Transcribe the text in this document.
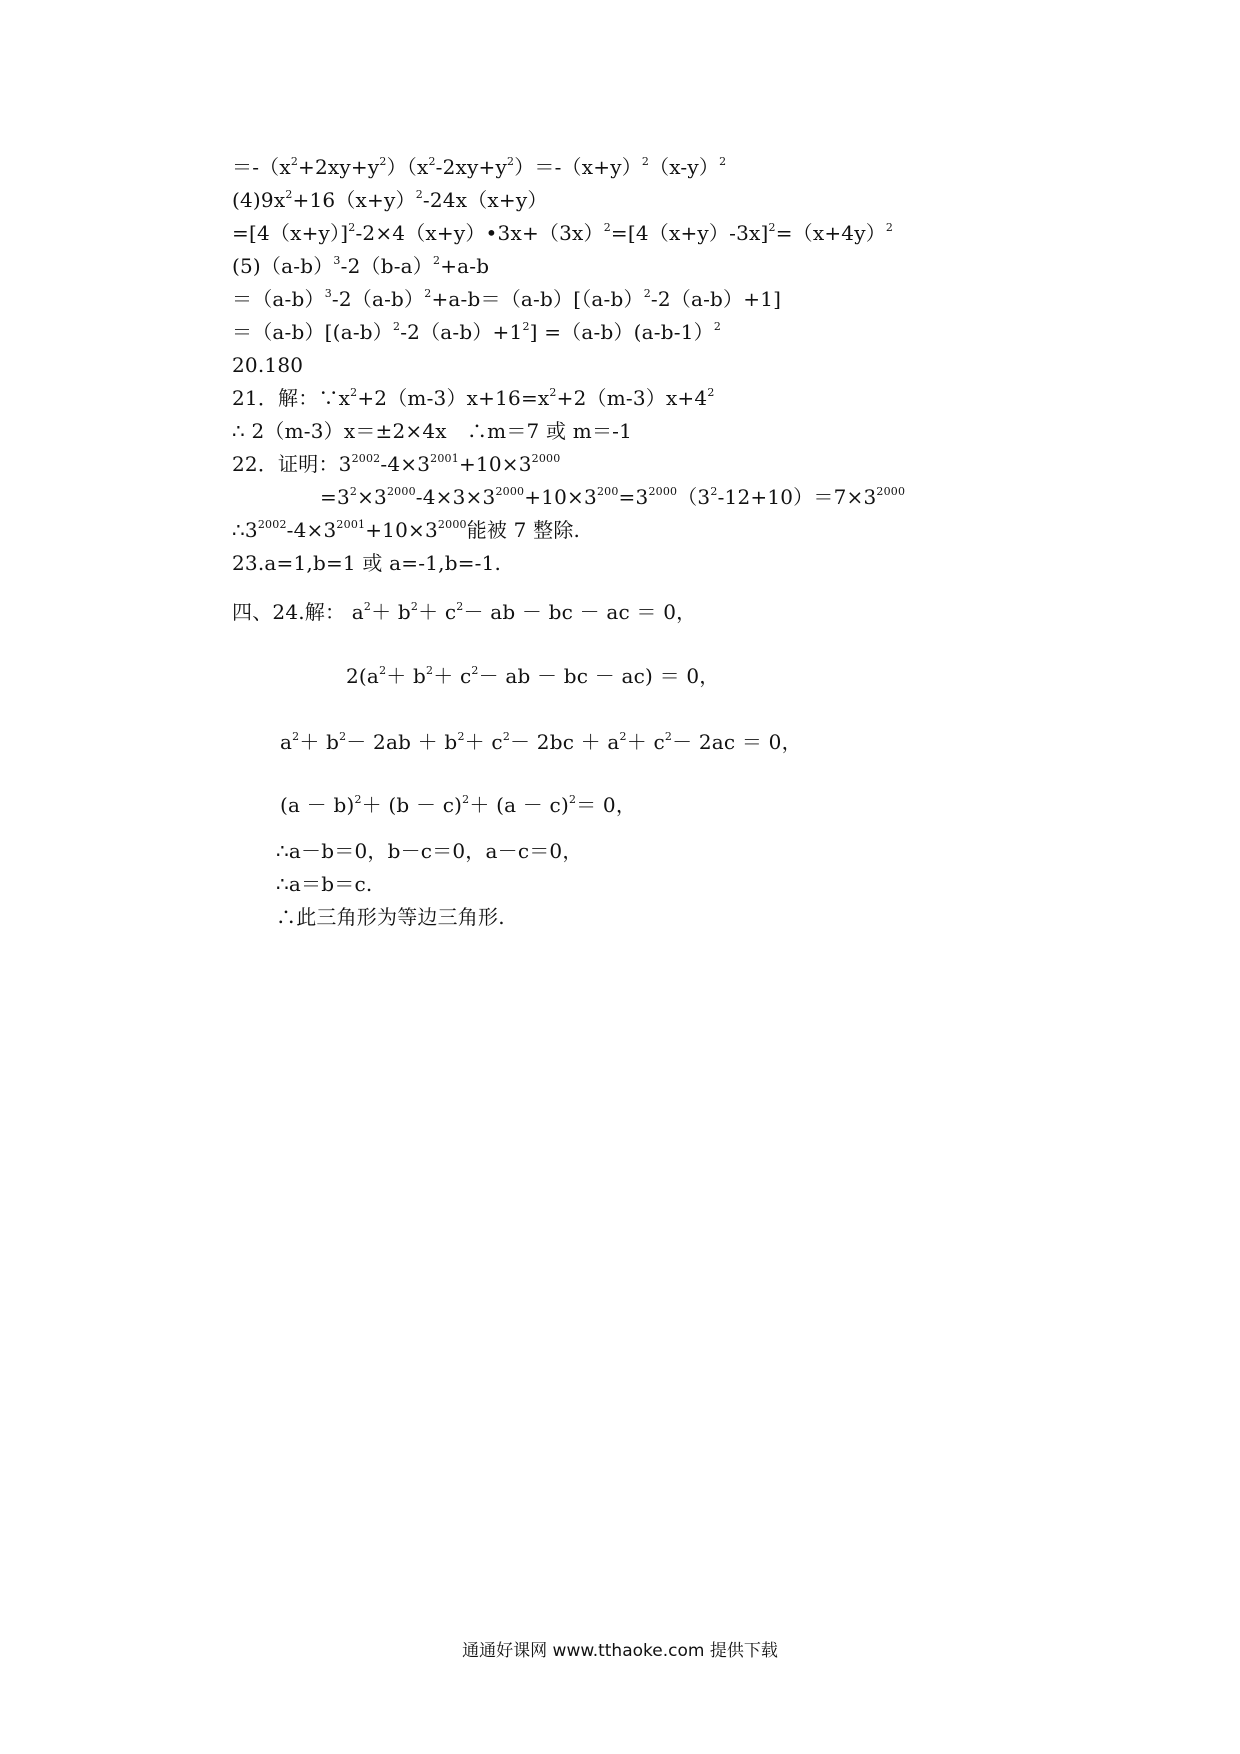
$=-(x^2+2xy+y^2)(x^2-2xy+y^2)=-(x+y)^2(x-y)^2$
$(4)9x^2+16(x+y)^2-24x(x+y)$
$=[4(x+y)]^2-2\times 4(x+y)•3x+(3x)^2=[4(x+y)-3x]^2=(x+4y)^2$
$(5)(a-b)^3-2(b-a)^2+a-b$
$=(a-b)^3-2(a-b)^2+a-b=(a-b)[(a-b)^2-2(a-b)+1]$
$=(a-b)[(a-b)^2-2(a-b)+1^2] =(a-b)(a-b-1)^2$
20.180
21．解：$\because x^2+2(m-3)x+16=x^2+2(m-3)x+4^2$
∴ 2（m-3）x＝±2×4x　∴m＝7 或 m＝-1
22．证明：$3^{2002}-4\times 3^{2001}+10\times 3^{2000}$
$=3^2\times 3^{2000}-4\times 3\times 3^{2000}+10\times 3^{200}=3^{2000}(3^2-12+10)=7\times 3^{2000}$
$\therefore 3^{2002}-4\times 3^{2001}+10\times 3^{2000}$能被 7 整除.
23.a=1,b=1 或 a=-1,b=-1.
四、24.解： $a^2+ b^2+ c^2-$ ab － bc － ac ＝ 0，
$2(a^2+ b^2+ c^2-$ ab － bc － ac) ＝ 0，
$a^2+ b^2- 2ab + b^2+ c^2- 2bc + a^2+ c^2- 2ac = 0$，
$(a - b)^2+ (b - c)^2+ (a - c)^2= 0$，
∴a－b＝0，b－c＝0，a－c＝0，
∴a＝b＝c.
∴此三角形为等边三角形.
通通好课网 www.tthaoke.com 提供下载
